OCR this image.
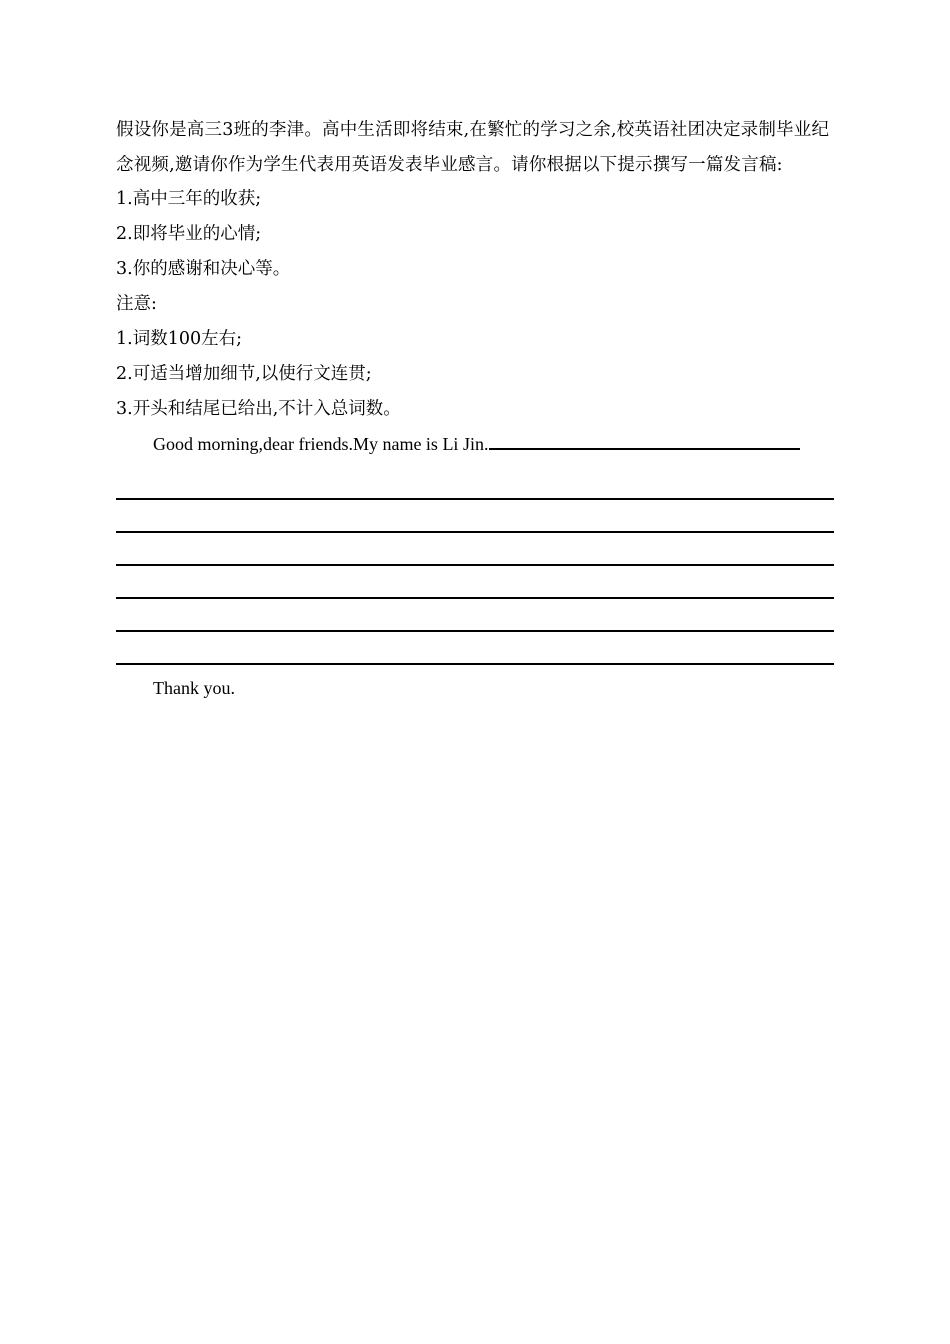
假设你是高三3班的李津。高中生活即将结束,在繁忙的学习之余,校英语社团决定录制毕业纪念视频,邀请你作为学生代表用英语发表毕业感言。请你根据以下提示撰写一篇发言稿:

1.高中三年的收获;

2.即将毕业的心情;

3.你的感谢和决心等。

注意:

1.词数100左右;

2.可适当增加细节,以使行文连贯;

3.开头和结尾已给出,不计入总词数。

Good morning,dear friends.My name is Li Jin.

Thank you.
